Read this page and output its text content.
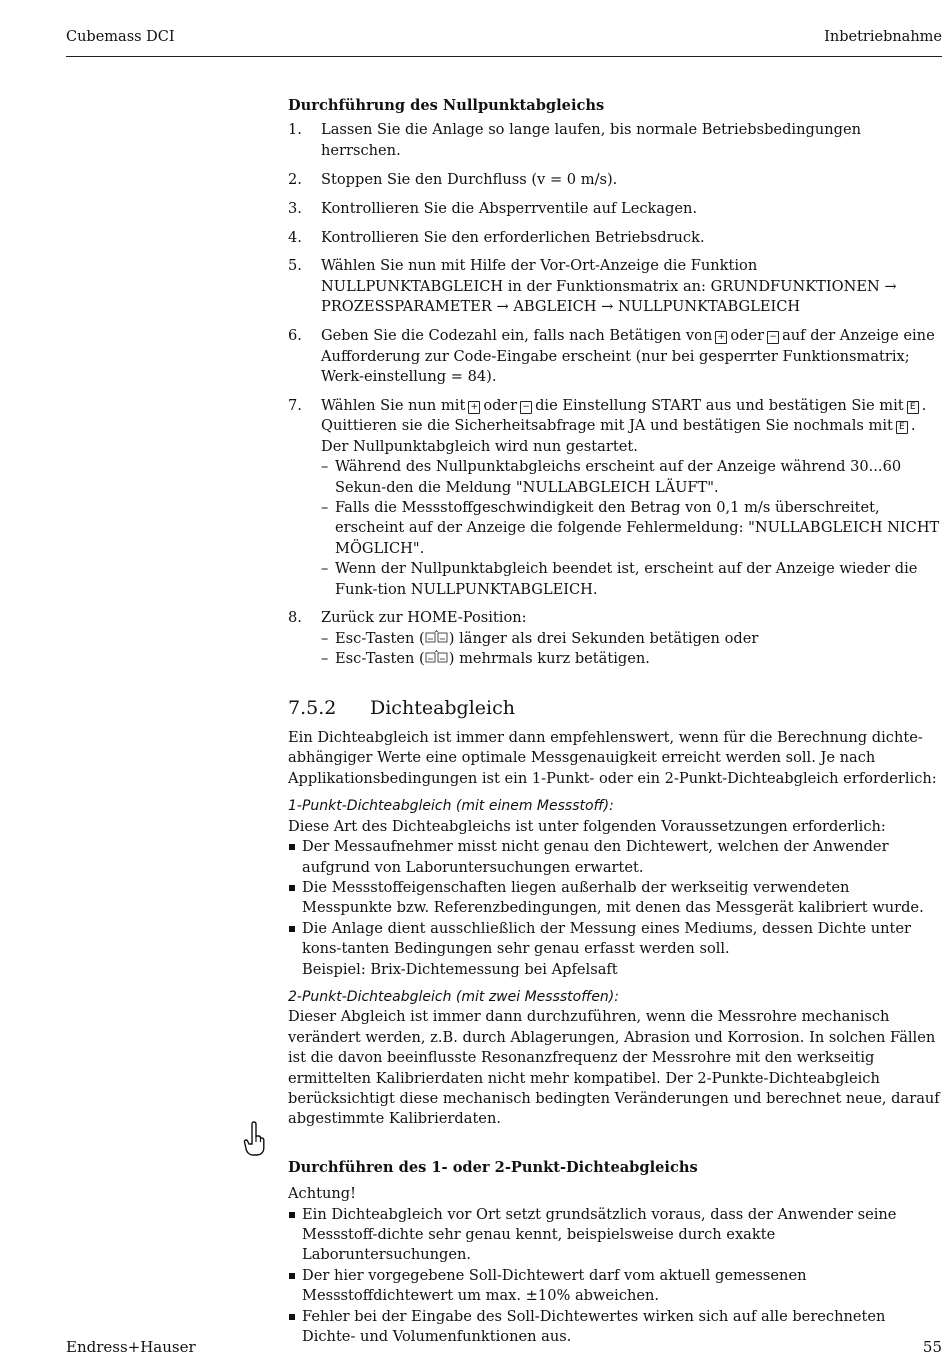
Cubemass DCI	Inbetriebnahme
Durchführung des Nullpunktabgleichs
1. Lassen Sie die Anlage so lange laufen, bis normale Betriebsbedingungen herrschen.
2. Stoppen Sie den Durchfluss (v = 0 m/s).
3. Kontrollieren Sie die Absperrventile auf Leckagen.
4. Kontrollieren Sie den erforderlichen Betriebsdruck.
5. Wählen Sie nun mit Hilfe der Vor-Ort-Anzeige die Funktion NULLPUNKTABGLEICH in der Funktionsmatrix an: GRUNDFUNKTIONEN → PROZESSPARAMETER → ABGLEICH → NULLPUNKTABGLEICH
6. Geben Sie die Codezahl ein, falls nach Betätigen von + oder − auf der Anzeige eine Aufforderung zur Code-Eingabe erscheint (nur bei gesperrter Funktionsmatrix; Werk-einstellung = 84).
7. Wählen Sie nun mit + oder − die Einstellung START aus und bestätigen Sie mit E .
Quittieren sie die Sicherheitsabfrage mit JA und bestätigen Sie nochmals mit E .
Der Nullpunktabgleich wird nun gestartet.
– Während des Nullpunktabgleichs erscheint auf der Anzeige während 30...60 Sekun-den die Meldung "NULLABGLEICH LÄUFT".
– Falls die Messstoffgeschwindigkeit den Betrag von 0,1 m/s überschreitet, erscheint auf der Anzeige die folgende Fehlermeldung: "NULLABGLEICH NICHT MÖGLICH".
– Wenn der Nullpunktabgleich beendet ist, erscheint auf der Anzeige wieder die Funk-tion NULLPUNKTABGLEICH.
8. Zurück zur HOME-Position:
– Esc-Tasten ( ) länger als drei Sekunden betätigen oder
– Esc-Tasten ( ) mehrmals kurz betätigen.
7.5.2	Dichteabgleich
Ein Dichteabgleich ist immer dann empfehlenswert, wenn für die Berechnung dichte-abhängiger Werte eine optimale Messgenauigkeit erreicht werden soll. Je nach Applikationsbedingungen ist ein 1-Punkt- oder ein 2-Punkt-Dichteabgleich erforderlich:
1-Punkt-Dichteabgleich (mit einem Messstoff):
Diese Art des Dichteabgleichs ist unter folgenden Voraussetzungen erforderlich:
Der Messaufnehmer misst nicht genau den Dichtewert, welchen der Anwender aufgrund von Laboruntersuchungen erwartet.
Die Messstoffeigenschaften liegen außerhalb der werkseitig verwendeten Messpunkte bzw. Referenzbedingungen, mit denen das Messgerät kalibriert wurde.
Die Anlage dient ausschließlich der Messung eines Mediums, dessen Dichte unter kons-tanten Bedingungen sehr genau erfasst werden soll.
Beispiel: Brix-Dichtemessung bei Apfelsaft
2-Punkt-Dichteabgleich (mit zwei Messstoffen):
Dieser Abgleich ist immer dann durchzuführen, wenn die Messrohre mechanisch verändert werden, z.B. durch Ablagerungen, Abrasion und Korrosion. In solchen Fällen ist die davon beeinflusste Resonanzfrequenz der Messrohre mit den werkseitig ermittelten Kalibrierdaten nicht mehr kompatibel. Der 2-Punkte-Dichteabgleich berücksichtigt diese mechanisch bedingten Veränderungen und berechnet neue, darauf abgestimmte Kalibrierdaten.
Durchführen des 1- oder 2-Punkt-Dichteabgleichs
Achtung!
Ein Dichteabgleich vor Ort setzt grundsätzlich voraus, dass der Anwender seine Messstoff-dichte sehr genau kennt, beispielsweise durch exakte Laboruntersuchungen.
Der hier vorgegebene Soll-Dichtewert darf vom aktuell gemessenen Messstoffdichtewert um max. ±10% abweichen.
Fehler bei der Eingabe des Soll-Dichtewertes wirken sich auf alle berechneten Dichte- und Volumenfunktionen aus.
Endress+Hauser	55
